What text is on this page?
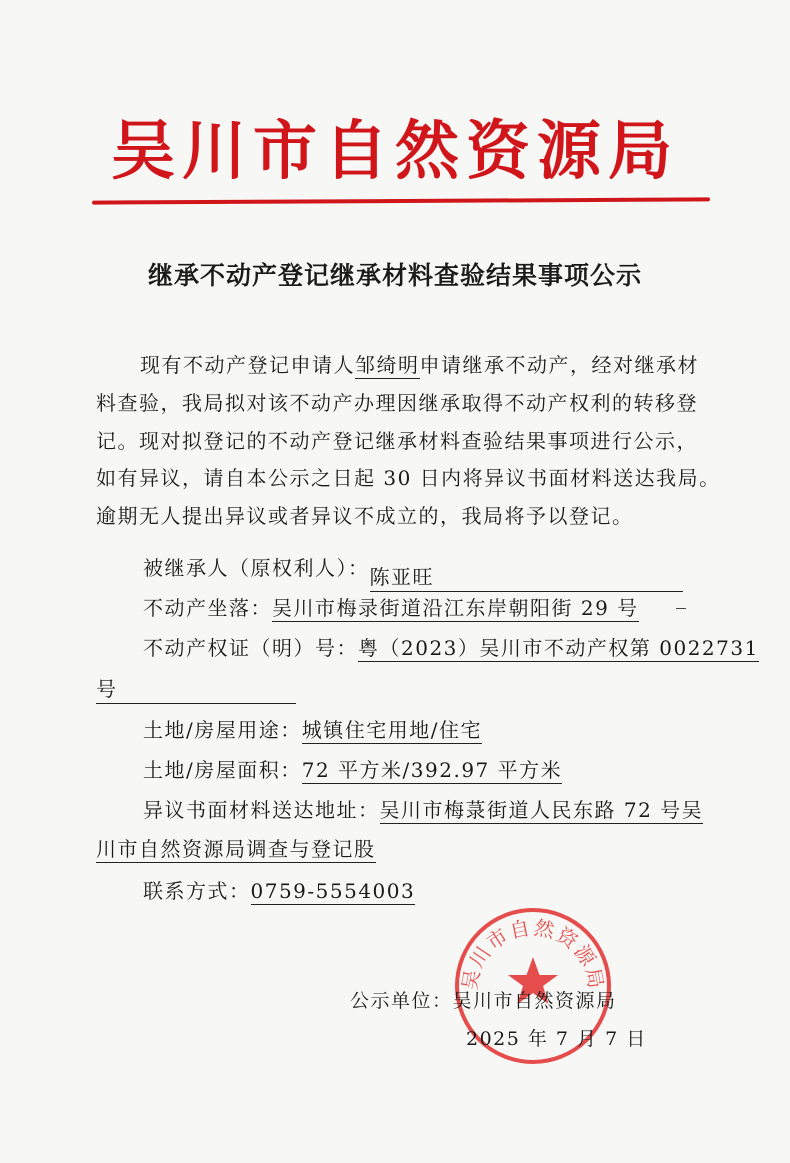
吴川市自然资源局
继承不动产登记继承材料查验结果事项公示
现有不动产登记申请人邹绮明申请继承不动产，经对继承材
料查验，我局拟对该不动产办理因继承取得不动产权利的转移登
记。现对拟登记的不动产登记继承材料查验结果事项进行公示，
如有异议，请自本公示之日起 30 日内将异议书面材料送达我局。
逾期无人提出异议或者异议不成立的，我局将予以登记。
被继承人（原权利人）：陈亚旺
不动产坐落：吴川市梅录街道沿江东岸朝阳街 29 号
不动产权证（明）号：粤（2023）吴川市不动产权第 0022731
号
土地/房屋用途：城镇住宅用地/住宅
土地/房屋面积：72 平方米/392.97 平方米
异议书面材料送达地址：吴川市梅菉街道人民东路 72 号吴
川市自然资源局调查与登记股
联系方式：0759-5554003
吴川市自然资源局
公示单位：吴川市自然资源局
2025 年 7 月 7 日
